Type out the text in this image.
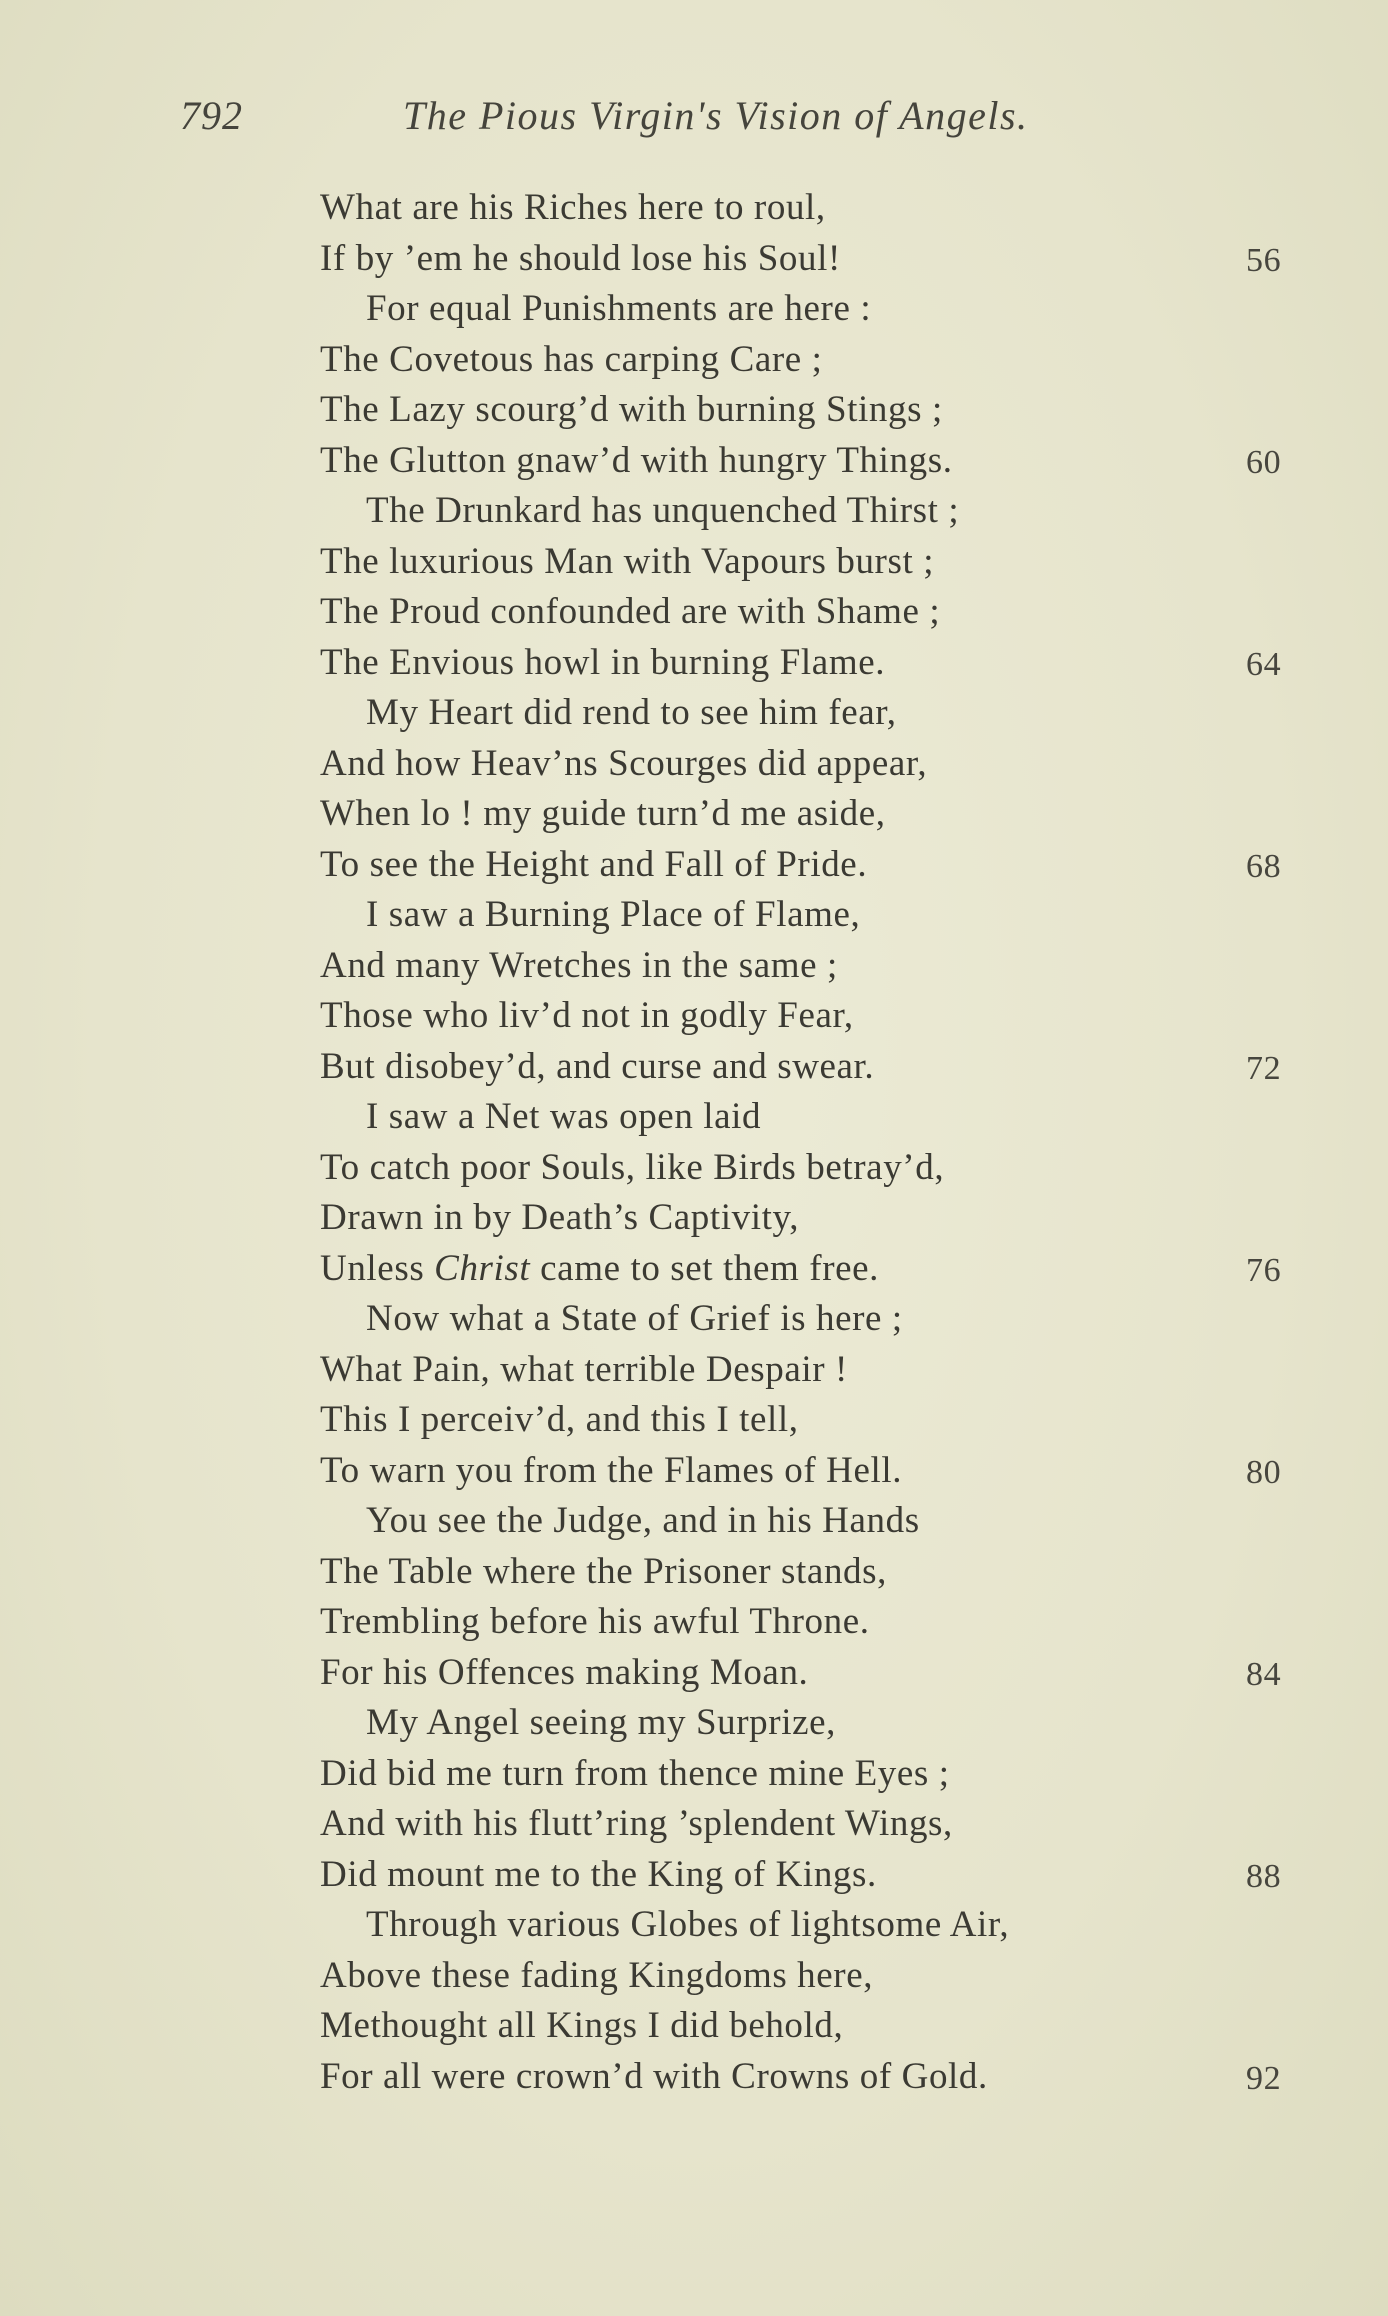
792	The Pious Virgin's Vision of Angels.
What are his Riches here to roul,
If by ’em he should lose his Soul!	56
For equal Punishments are here :
The Covetous has carping Care ;
The Lazy scourg’d with burning Stings ;
The Glutton gnaw’d with hungry Things.	60
The Drunkard has unquenched Thirst ;
The luxurious Man with Vapours burst ;
The Proud confounded are with Shame ;
The Envious howl in burning Flame.	64
My Heart did rend to see him fear,
And how Heav’ns Scourges did appear,
When lo ! my guide turn’d me aside,
To see the Height and Fall of Pride.	68
I saw a Burning Place of Flame,
And many Wretches in the same ;
Those who liv’d not in godly Fear,
But disobey’d, and curse and swear.	72
I saw a Net was open laid
To catch poor Souls, like Birds betray’d,
Drawn in by Death’s Captivity,
Unless Christ came to set them free.	76
Now what a State of Grief is here ;
What Pain, what terrible Despair !
This I perceiv’d, and this I tell,
To warn you from the Flames of Hell.	80
You see the Judge, and in his Hands
The Table where the Prisoner stands,
Trembling before his awful Throne.
For his Offences making Moan.	84
My Angel seeing my Surprize,
Did bid me turn from thence mine Eyes ;
And with his flutt’ring ’splendent Wings,
Did mount me to the King of Kings.	88
Through various Globes of lightsome Air,
Above these fading Kingdoms here,
Methought all Kings I did behold,
For all were crown’d with Crowns of Gold.	92
